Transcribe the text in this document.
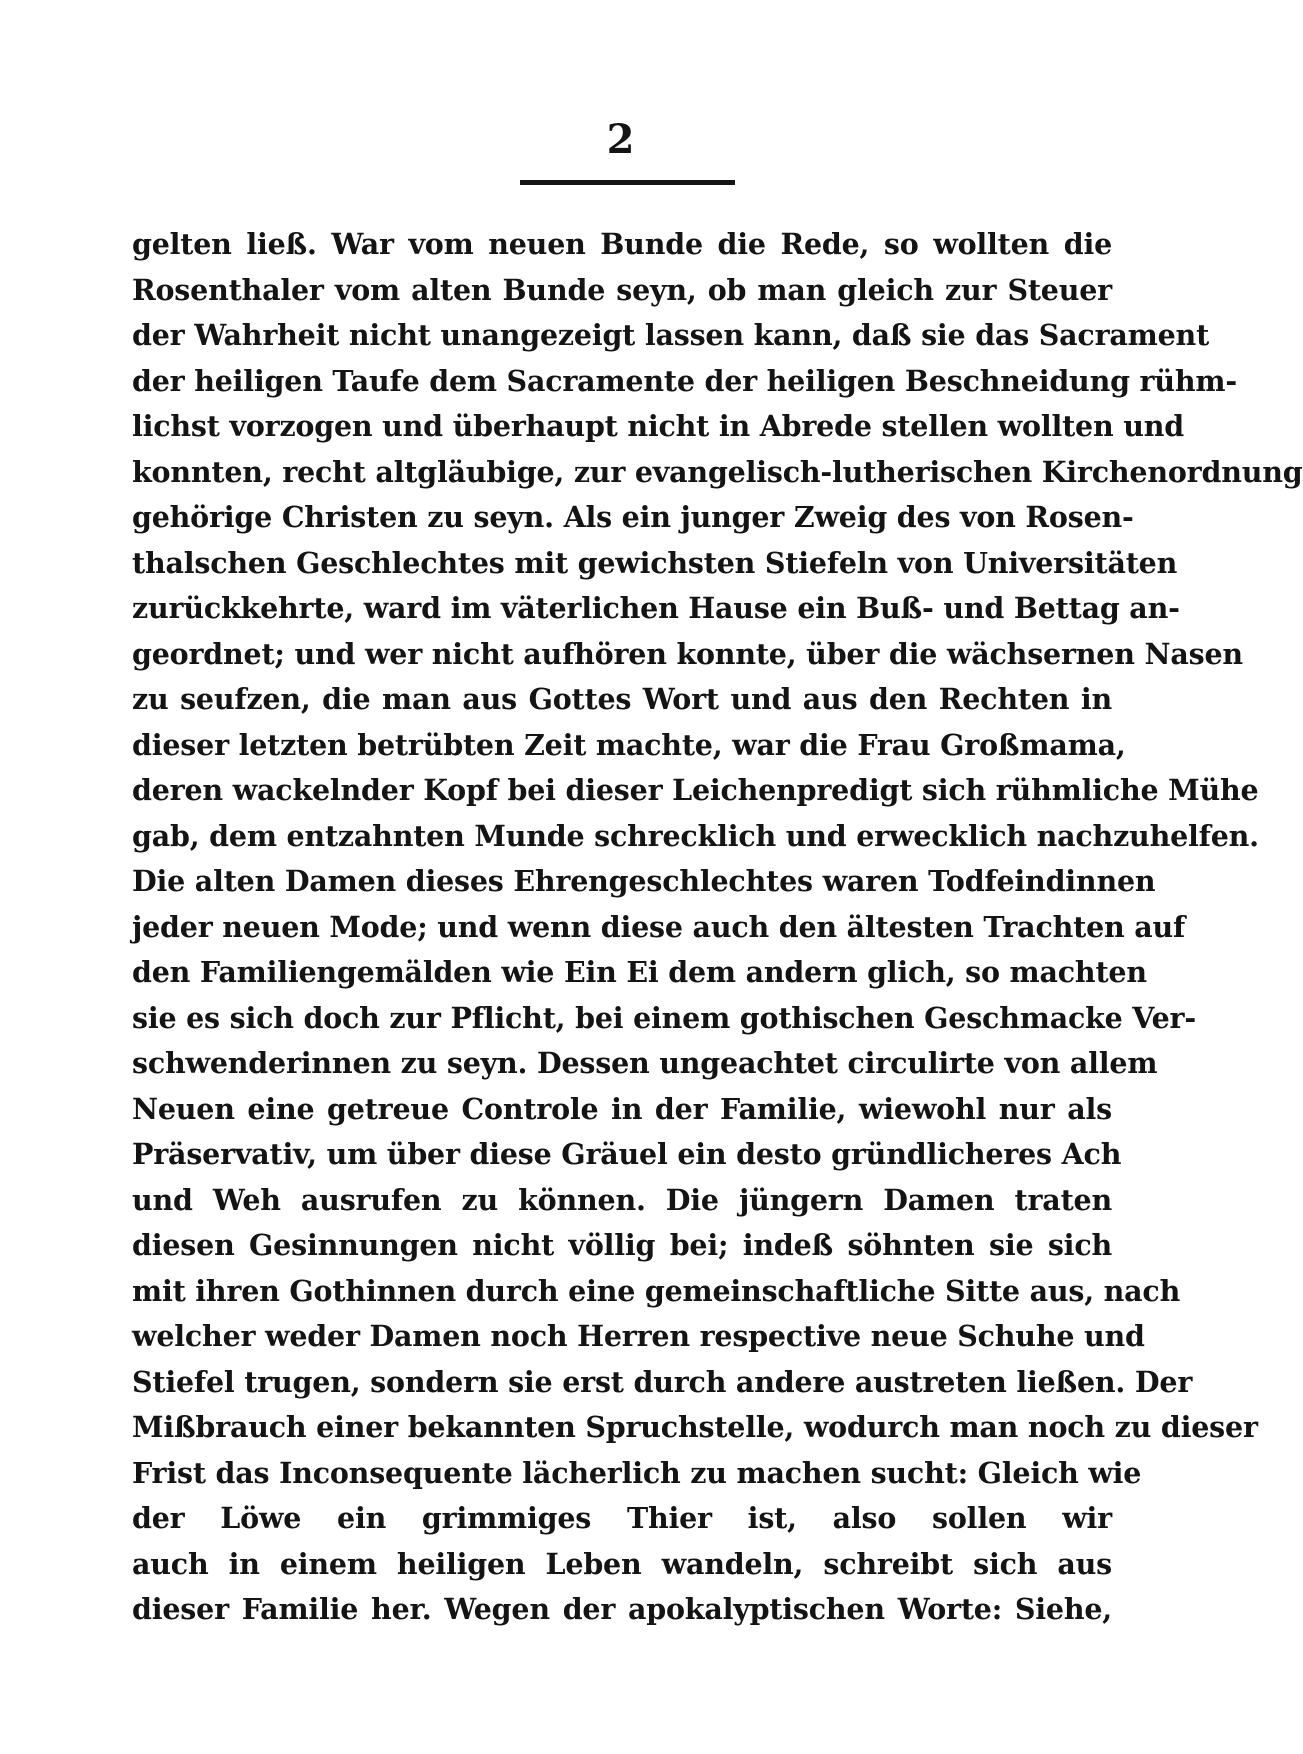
2
gelten ließ. War vom neuen Bunde die Rede, so wollten die
Rosenthaler vom alten Bunde seyn, ob man gleich zur Steuer
der Wahrheit nicht unangezeigt lassen kann, daß sie das Sacrament
der heiligen Taufe dem Sacramente der heiligen Beschneidung rühm-
lichst vorzogen und überhaupt nicht in Abrede stellen wollten und
konnten, recht altgläubige, zur evangelisch-lutherischen Kirchenordnung
gehörige Christen zu seyn. Als ein junger Zweig des von Rosen-
thalschen Geschlechtes mit gewichsten Stiefeln von Universitäten
zurückkehrte, ward im väterlichen Hause ein Buß- und Bettag an-
geordnet; und wer nicht aufhören konnte, über die wächsernen Nasen
zu seufzen, die man aus Gottes Wort und aus den Rechten in
dieser letzten betrübten Zeit machte, war die Frau Großmama,
deren wackelnder Kopf bei dieser Leichenpredigt sich rühmliche Mühe
gab, dem entzahnten Munde schrecklich und erwecklich nachzuhelfen.
Die alten Damen dieses Ehrengeschlechtes waren Todfeindinnen
jeder neuen Mode; und wenn diese auch den ältesten Trachten auf
den Familiengemälden wie Ein Ei dem andern glich, so machten
sie es sich doch zur Pflicht, bei einem gothischen Geschmacke Ver-
schwenderinnen zu seyn. Dessen ungeachtet circulirte von allem
Neuen eine getreue Controle in der Familie, wiewohl nur als
Präservativ, um über diese Gräuel ein desto gründlicheres Ach
und Weh ausrufen zu können. Die jüngern Damen traten
diesen Gesinnungen nicht völlig bei; indeß söhnten sie sich
mit ihren Gothinnen durch eine gemeinschaftliche Sitte aus, nach
welcher weder Damen noch Herren respective neue Schuhe und
Stiefel trugen, sondern sie erst durch andere austreten ließen. Der
Mißbrauch einer bekannten Spruchstelle, wodurch man noch zu dieser
Frist das Inconsequente lächerlich zu machen sucht: Gleich wie
der Löwe ein grimmiges Thier ist, also sollen wir
auch in einem heiligen Leben wandeln, schreibt sich aus
dieser Familie her. Wegen der apokalyptischen Worte: Siehe,
